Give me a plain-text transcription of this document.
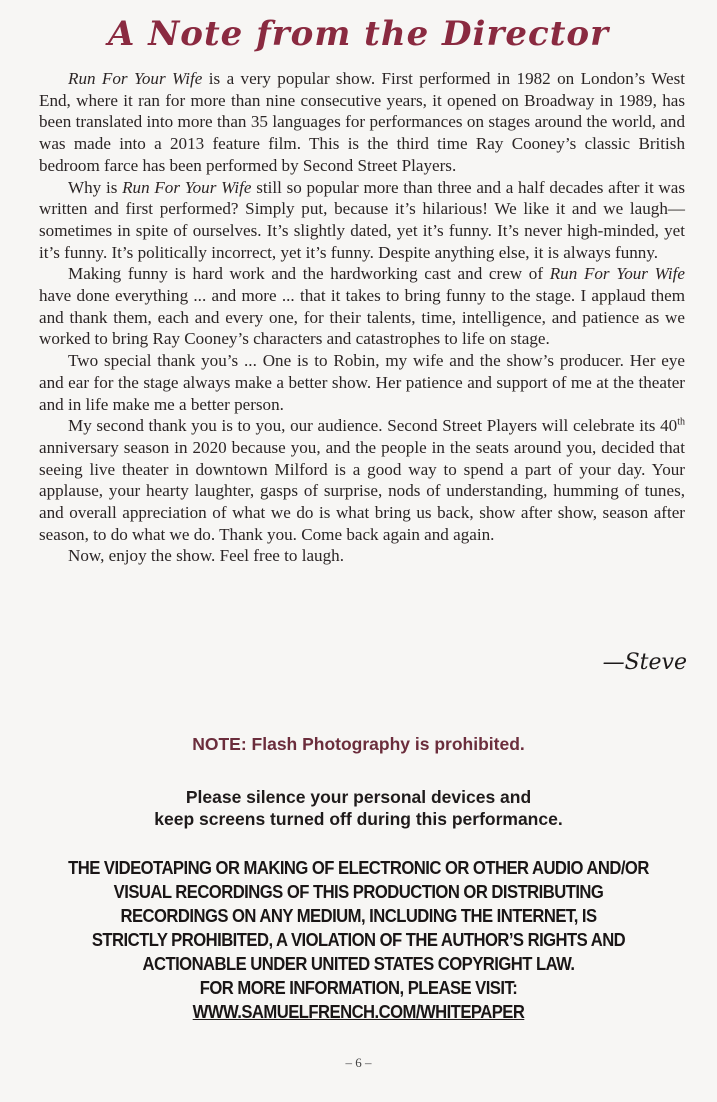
A Note from the Director

Run For Your Wife is a very popular show. First performed in 1982 on London’s West End, where it ran for more than nine consecutive years, it opened on Broadway in 1989, has been translated into more than 35 languages for performances on stages around the world, and was made into a 2013 feature film. This is the third time Ray Cooney’s classic British bedroom farce has been performed by Second Street Players.

Why is Run For Your Wife still so popular more than three and a half decades after it was written and first performed? Simply put, because it’s hilarious! We like it and we laugh—sometimes in spite of ourselves. It’s slightly dated, yet it’s funny. It’s never high-minded, yet it’s funny. It’s politically incorrect, yet it’s funny. Despite anything else, it is always funny.

Making funny is hard work and the hardworking cast and crew of Run For Your Wife have done everything ... and more ... that it takes to bring funny to the stage. I applaud them and thank them, each and every one, for their talents, time, intelligence, and patience as we worked to bring Ray Cooney’s characters and catastrophes to life on stage.

Two special thank you’s ... One is to Robin, my wife and the show’s producer. Her eye and ear for the stage always make a better show. Her patience and support of me at the theater and in life make me a better person.

My second thank you is to you, our audience. Second Street Players will celebrate its 40th anniversary season in 2020 because you, and the people in the seats around you, decided that seeing live theater in downtown Milford is a good way to spend a part of your day. Your applause, your hearty laughter, gasps of surprise, nods of understanding, humming of tunes, and overall appreciation of what we do is what bring us back, show after show, season after season, to do what we do. Thank you. Come back again and again.

Now, enjoy the show. Feel free to laugh.

—Steve
NOTE: Flash Photography is prohibited.
Please silence your personal devices and
keep screens turned off during this performance.
THE VIDEOTAPING OR MAKING OF ELECTRONIC OR OTHER AUDIO AND/OR
VISUAL RECORDINGS OF THIS PRODUCTION OR DISTRIBUTING
RECORDINGS ON ANY MEDIUM, INCLUDING THE INTERNET, IS
STRICTLY PROHIBITED, A VIOLATION OF THE AUTHOR’S RIGHTS AND
ACTIONABLE UNDER UNITED STATES COPYRIGHT LAW.
FOR MORE INFORMATION, PLEASE VISIT:
WWW.SAMUELFRENCH.COM/WHITEPAPER
– 6 –
